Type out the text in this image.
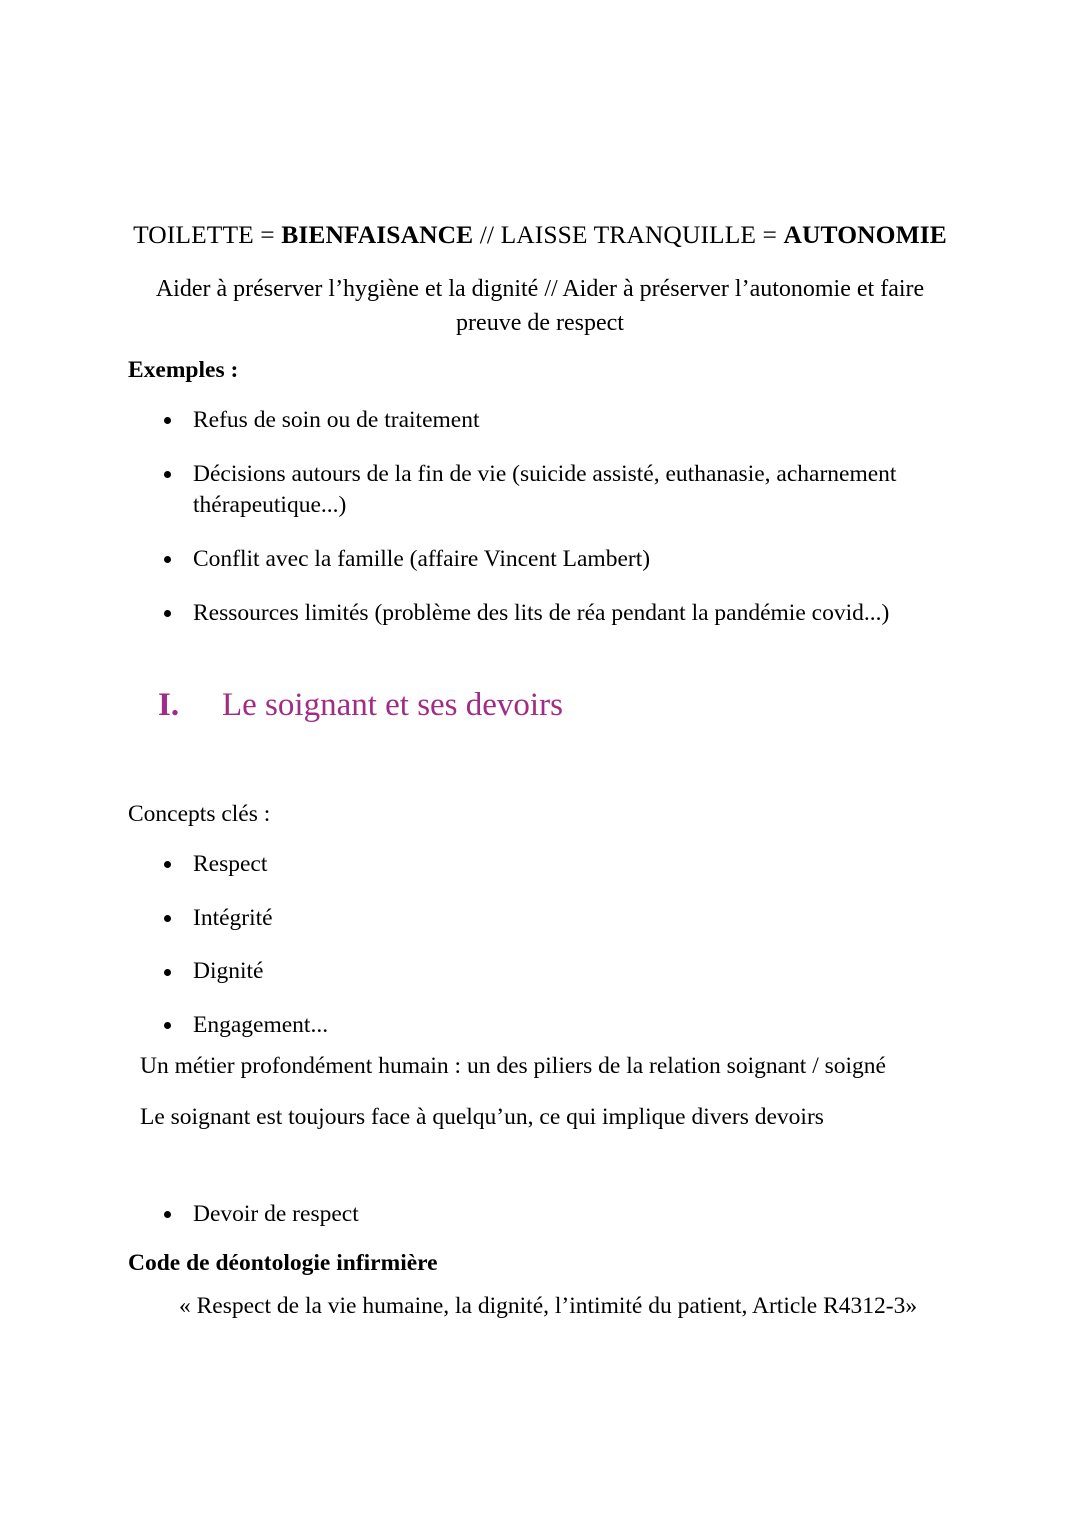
TOILETTE = BIENFAISANCE // LAISSE TRANQUILLE = AUTONOMIE
Aider à préserver l’hygiène et la dignité // Aider à préserver l’autonomie et faire preuve de respect
Exemples :
Refus de soin ou de traitement
Décisions autours de la fin de vie (suicide assisté, euthanasie, acharnement thérapeutique...)
Conflit avec la famille (affaire Vincent Lambert)
Ressources limités (problème des lits de réa pendant la pandémie covid...)
I. Le soignant et ses devoirs
Concepts clés :
Respect
Intégrité
Dignité
Engagement...
Un métier profondément humain : un des piliers de la relation soignant / soigné
Le soignant est toujours face à quelqu’un, ce qui implique divers devoirs
Devoir de respect
Code de déontologie infirmière
« Respect de la vie humaine, la dignité, l’intimité du patient, Article R4312-3»
